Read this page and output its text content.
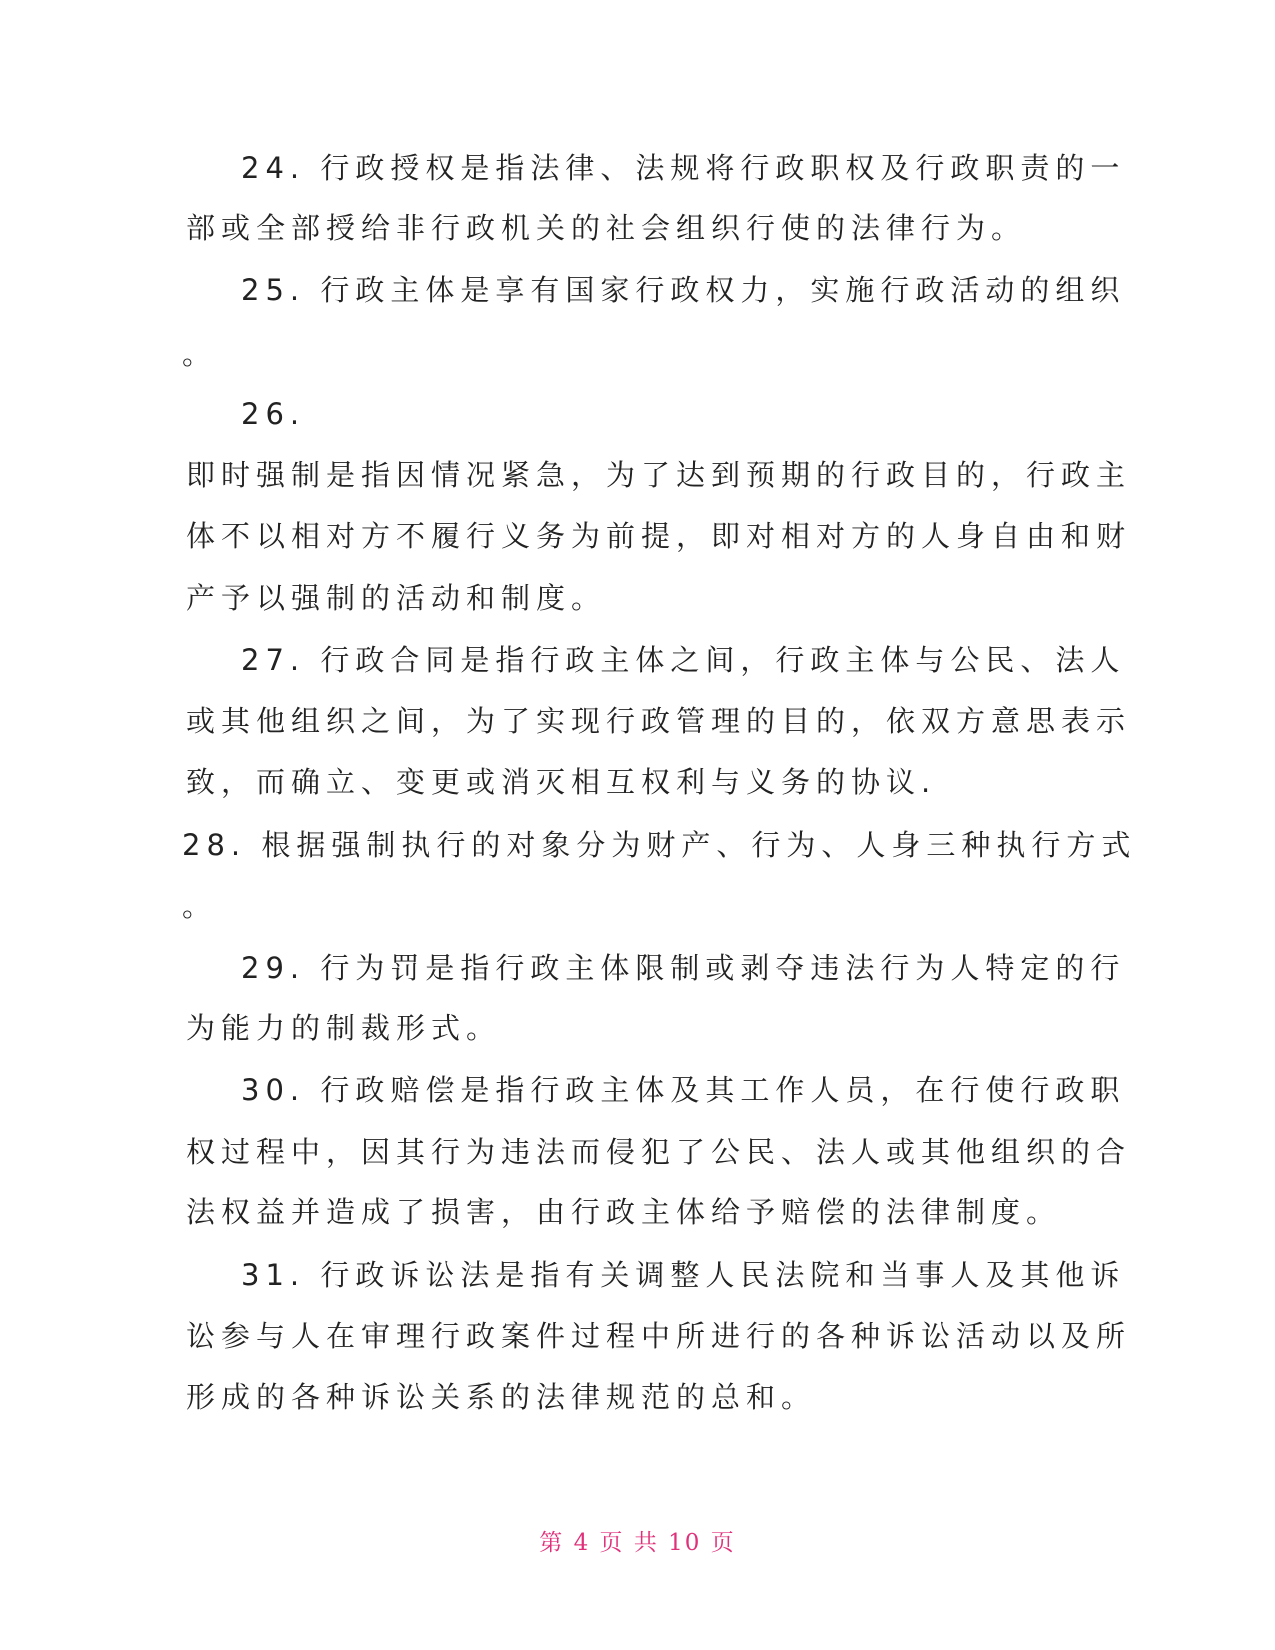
24. 行政授权是指法律、法规将行政职权及行政职责的一
部或全部授给非行政机关的社会组织行使的法律行为。
25. 行政主体是享有国家行政权力，实施行政活动的组织
。
26.
即时强制是指因情况紧急，为了达到预期的行政目的，行政主
体不以相对方不履行义务为前提，即对相对方的人身自由和财
产予以强制的活动和制度。
27. 行政合同是指行政主体之间，行政主体与公民、法人
或其他组织之间，为了实现行政管理的目的，依双方意思表示
致，而确立、变更或消灭相互权利与义务的协议.
28. 根据强制执行的对象分为财产、行为、人身三种执行方式
。
29. 行为罚是指行政主体限制或剥夺违法行为人特定的行
为能力的制裁形式。
30. 行政赔偿是指行政主体及其工作人员，在行使行政职
权过程中，因其行为违法而侵犯了公民、法人或其他组织的合
法权益并造成了损害，由行政主体给予赔偿的法律制度。
31. 行政诉讼法是指有关调整人民法院和当事人及其他诉
讼参与人在审理行政案件过程中所进行的各种诉讼活动以及所
形成的各种诉讼关系的法律规范的总和。
第 4 页 共 10 页
